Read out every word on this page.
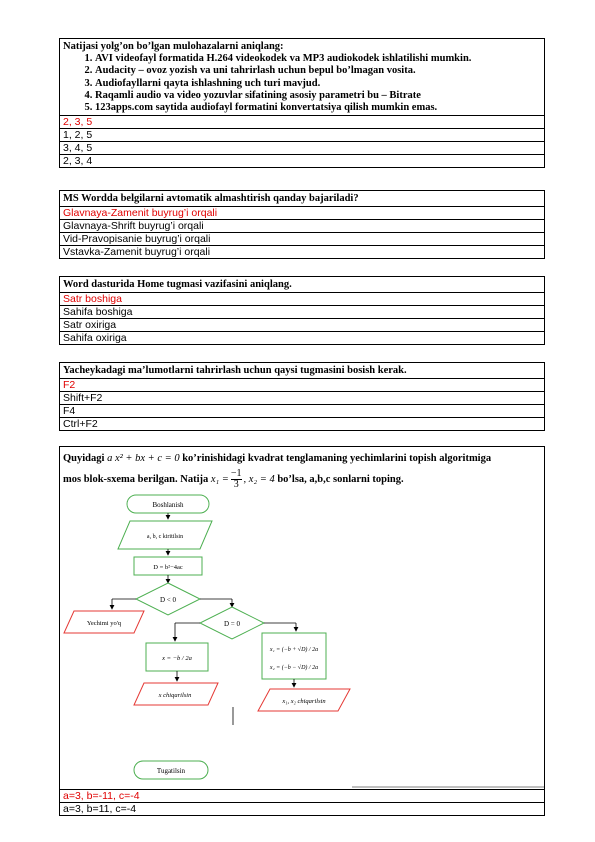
Natijasi yolg’on bo’lgan mulohazalarni aniqlang:
1. AVI videofayl formatida H.264 videokodek va MP3 audiokodek ishlatilishi mumkin.
2. Audacity – ovoz yozish va uni tahrirlash uchun bepul bo’lmagan vosita.
3. Audiofayllarni qayta ishlashning uch turi mavjud.
4. Raqamli audio va video yozuvlar sifatining asosiy parametri bu – Bitrate
5. 123apps.com saytida audiofayl formatini konvertatsiya qilish mumkin emas.
2, 3, 5
1, 2, 5
3, 4, 5
2, 3, 4
MS Wordda belgilarni avtomatik almashtirish qanday bajariladi?
Glavnaya-Zamenit buyrug’i orqali
Glavnaya-Shrift buyrug’i orqali
Vid-Pravopisanie buyrug’i orqali
Vstavka-Zamenit buyrug’i orqali
Word dasturida Home tugmasi vazifasini aniqlang.
Satr boshiga
Sahifa boshiga
Satr oxiriga
Sahifa oxiriga
Yacheykadagi ma’lumotlarni tahrirlash uchun qaysi tugmasini bosish kerak.
F2
Shift+F2
F4
Ctrl+F2
Quyidagi a x² + bx + c = 0 ko’rinishidagi kvadrat tenglamaning yechimlarini topish algoritmiga
mos blok-sxema berilgan. Natija $x_1 = \frac{-1}{3}$ , x₂ = 4 bo’lsa, a,b,c sonlarni toping.
Boshlanish
a, b, c kiritilsin
D = b²−4ac
D < 0
Yechimi yo'q	D = 0
x = −b / 2a
x chiqarilsin
x₁ = (−b + √D) / 2a
x₂ = (−b − √D) / 2a
x₁, x₂ chiqarilsin
Tugatilsin
a=3, b=-11, c=-4
a=3, b=11, c=-4
